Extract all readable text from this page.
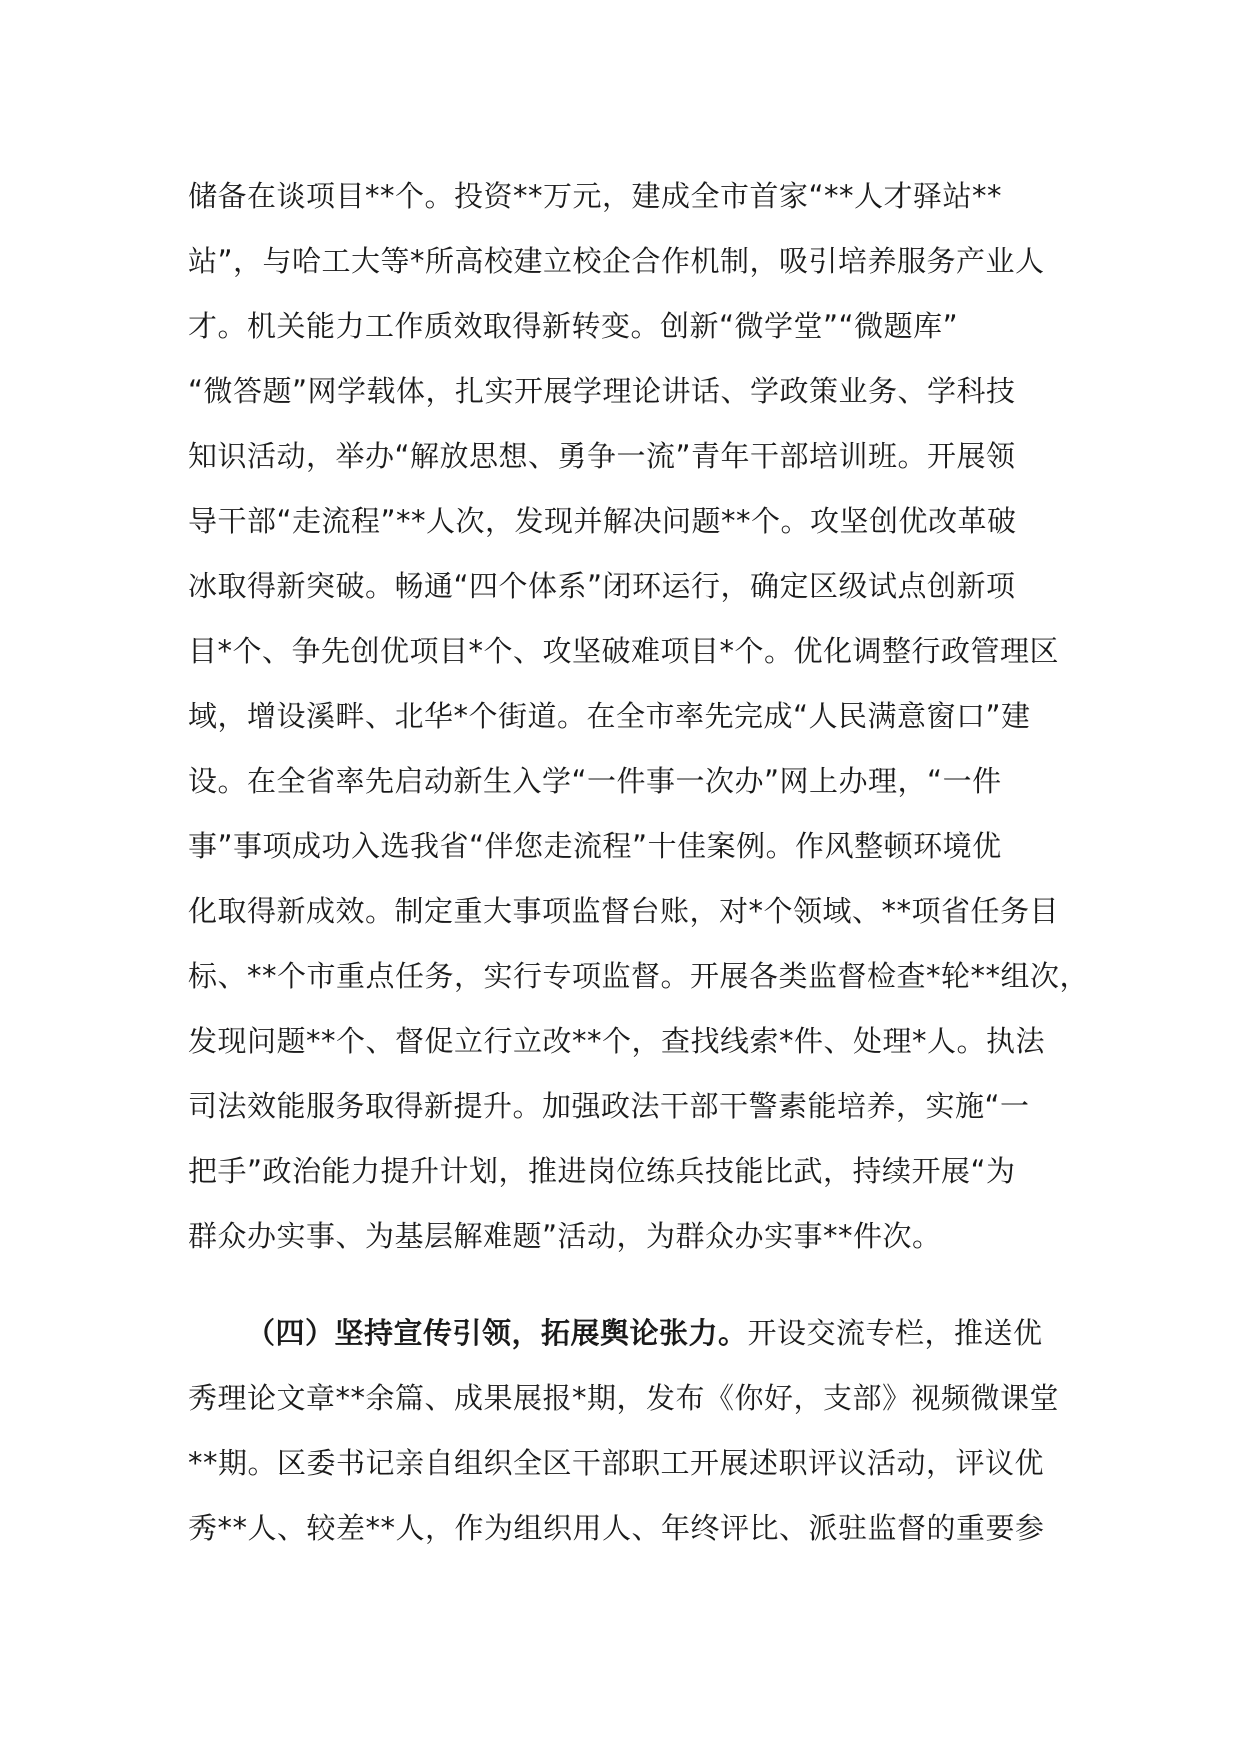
储备在谈项目**个。投资**万元，建成全市首家“**人才驿站**
站”，与哈工大等*所高校建立校企合作机制，吸引培养服务产业人
才。机关能力工作质效取得新转变。创新“微学堂”“微题库”
“微答题”网学载体，扎实开展学理论讲话、学政策业务、学科技
知识活动，举办“解放思想、勇争一流”青年干部培训班。开展领
导干部“走流程”**人次，发现并解决问题**个。攻坚创优改革破
冰取得新突破。畅通“四个体系”闭环运行，确定区级试点创新项
目*个、争先创优项目*个、攻坚破难项目*个。优化调整行政管理区
域，增设溪畔、北华*个街道。在全市率先完成“人民满意窗口”建
设。在全省率先启动新生入学“一件事一次办”网上办理，“一件
事”事项成功入选我省“伴您走流程”十佳案例。作风整顿环境优
化取得新成效。制定重大事项监督台账，对*个领域、**项省任务目
标、**个市重点任务，实行专项监督。开展各类监督检查*轮**组次，
发现问题**个、督促立行立改**个，查找线索*件、处理*人。执法
司法效能服务取得新提升。加强政法干部干警素能培养，实施“一
把手”政治能力提升计划，推进岗位练兵技能比武，持续开展“为
群众办实事、为基层解难题”活动，为群众办实事**件次。
（四）坚持宣传引领，拓展舆论张力。开设交流专栏，推送优
秀理论文章**余篇、成果展报*期，发布《你好，支部》视频微课堂
**期。区委书记亲自组织全区干部职工开展述职评议活动，评议优
秀**人、较差**人，作为组织用人、年终评比、派驻监督的重要参
